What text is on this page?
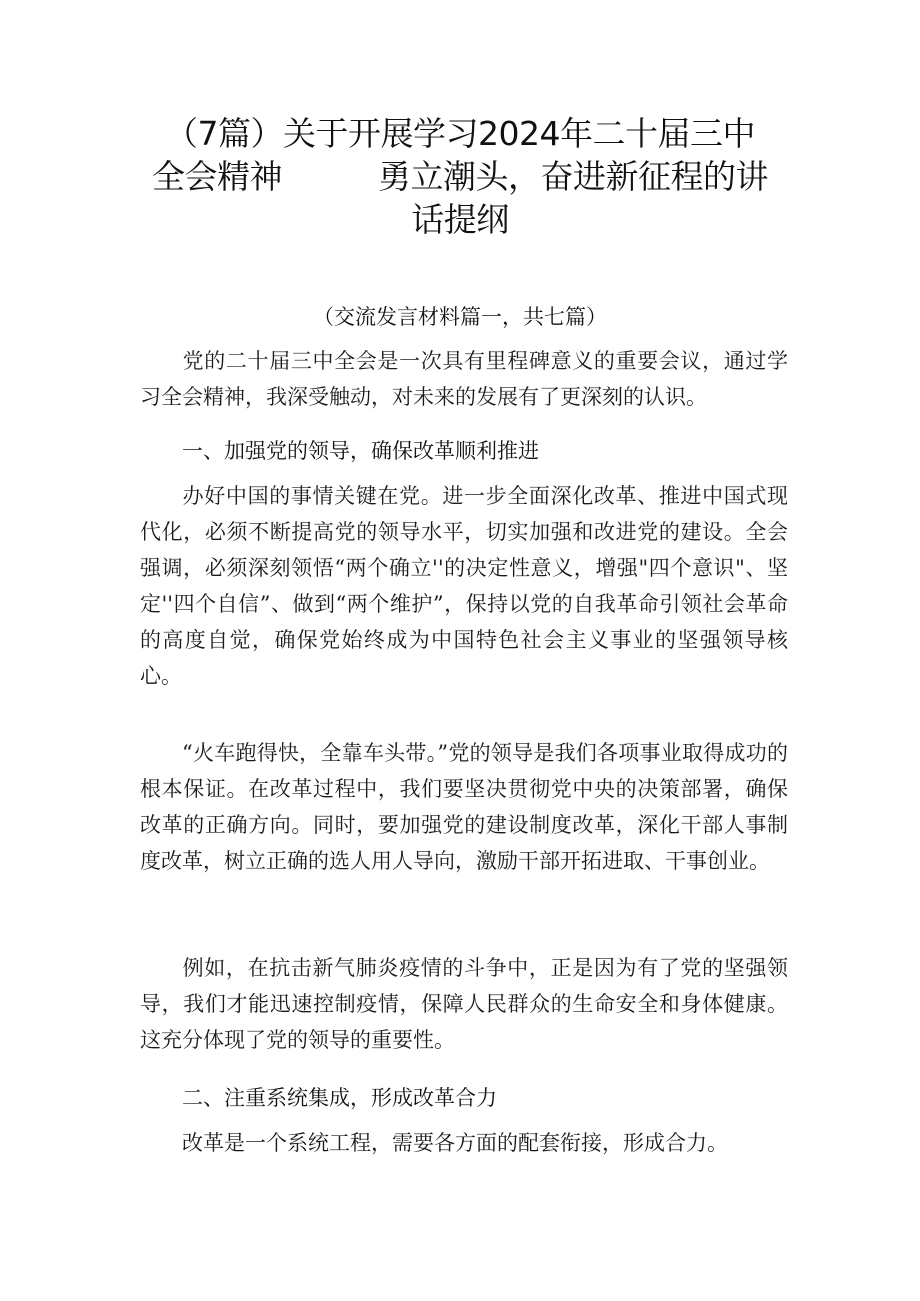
（7篇）关于开展学习2024年二十届三中
全会精神	勇立潮头，奋进新征程的讲
话提纲
（交流发言材料篇一，共七篇）
党的二十届三中全会是一次具有里程碑意义的重要会议，通过学习全会精神，我深受触动，对未来的发展有了更深刻的认识。
一、加强党的领导，确保改革顺利推进
办好中国的事情关键在党。进一步全面深化改革、推进中国式现代化，必须不断提高党的领导水平，切实加强和改进党的建设。全会强调，必须深刻领悟“两个确立''的决定性意义，增强"四个意识"、坚定''四个自信”、做到“两个维护”，保持以党的自我革命引领社会革命的高度自觉，确保党始终成为中国特色社会主义事业的坚强领导核心。
“火车跑得快，全靠车头带。”党的领导是我们各项事业取得成功的根本保证。在改革过程中，我们要坚决贯彻党中央的决策部署，确保改革的正确方向。同时，要加强党的建设制度改革，深化干部人事制度改革，树立正确的选人用人导向，激励干部开拓进取、干事创业。
例如，在抗击新气肺炎疫情的斗争中，正是因为有了党的坚强领导，我们才能迅速控制疫情，保障人民群众的生命安全和身体健康。这充分体现了党的领导的重要性。
二、注重系统集成，形成改革合力
改革是一个系统工程，需要各方面的配套衔接，形成合力。
